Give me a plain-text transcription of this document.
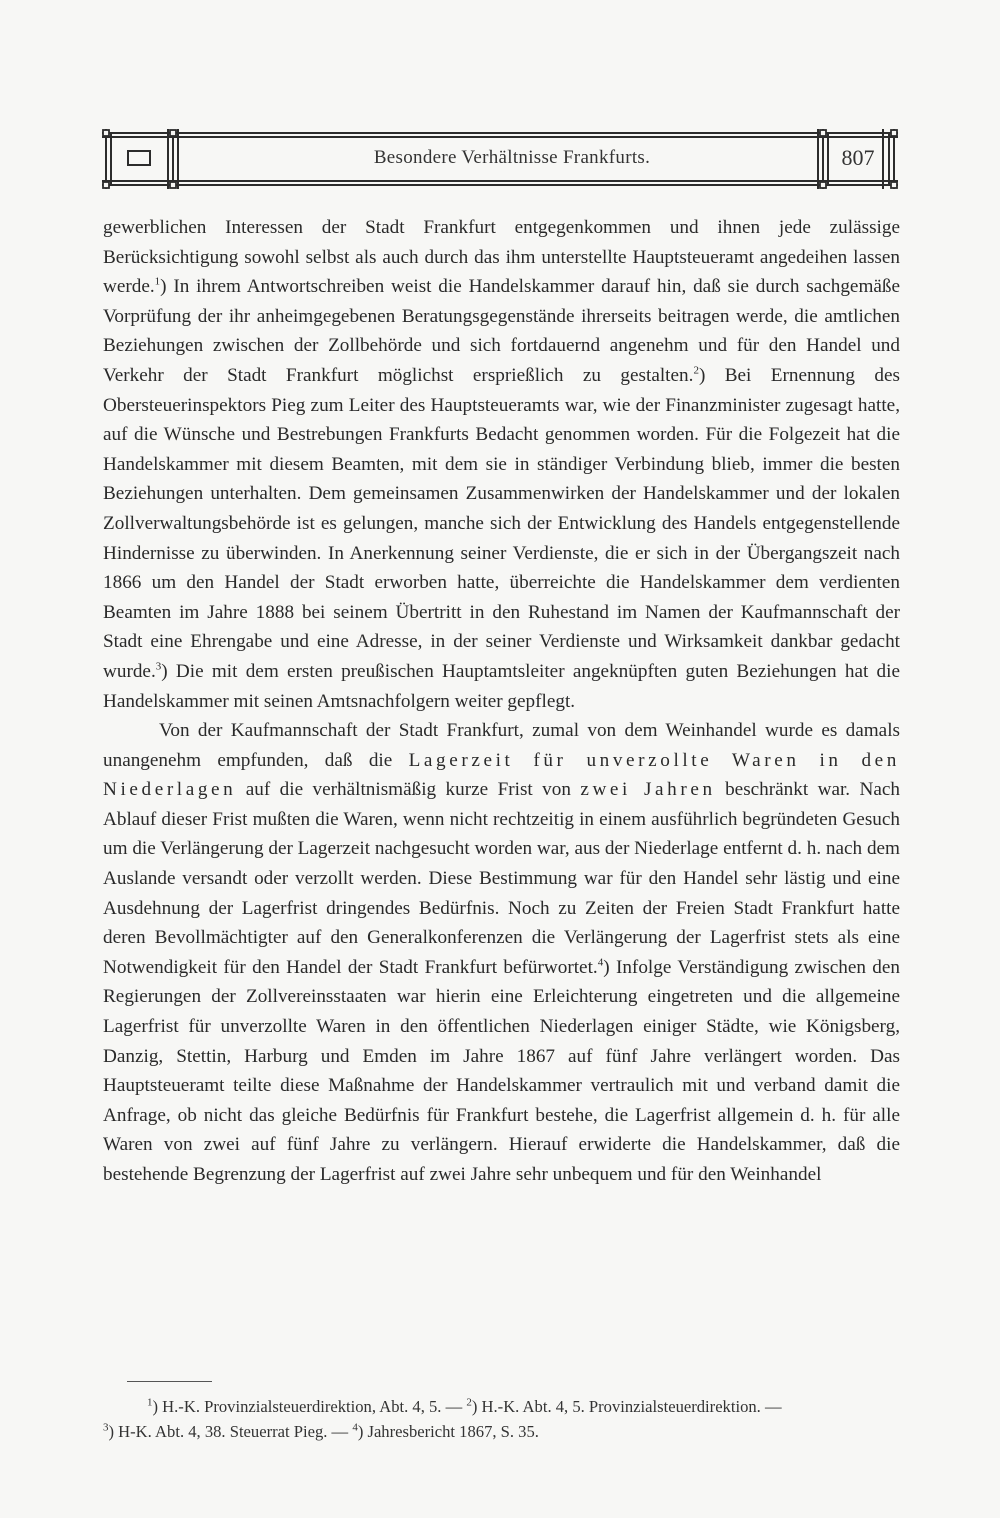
Besondere Verhältnisse Frankfurts.	807

gewerblichen Interessen der Stadt Frankfurt entgegenkommen und ihnen jede zulässige Berücksichtigung sowohl selbst als auch durch das ihm unterstellte Hauptsteueramt angedeihen lassen werde.$^1$) In ihrem Antwortschreiben weist die Handelskammer darauf hin, daß sie durch sachgemäße Vorprüfung der ihr anheimgegebenen Beratungsgegenstände ihrerseits beitragen werde, die amtlichen Beziehungen zwischen der Zollbehörde und sich fortdauernd angenehm und für den Handel und Verkehr der Stadt Frankfurt möglichst ersprießlich zu gestalten.$^2$) Bei Ernennung des Obersteuerinspektors Pieg zum Leiter des Hauptsteueramts war, wie der Finanzminister zugesagt hatte, auf die Wünsche und Bestrebungen Frankfurts Bedacht genommen worden. Für die Folgezeit hat die Handelskammer mit diesem Beamten, mit dem sie in ständiger Verbindung blieb, immer die besten Beziehungen unterhalten. Dem gemeinsamen Zusammenwirken der Handelskammer und der lokalen Zollverwaltungsbehörde ist es gelungen, manche sich der Entwicklung des Handels entgegenstellende Hindernisse zu überwinden. In Anerkennung seiner Verdienste, die er sich in der Übergangszeit nach 1866 um den Handel der Stadt erworben hatte, überreichte die Handelskammer dem verdienten Beamten im Jahre 1888 bei seinem Übertritt in den Ruhestand im Namen der Kaufmannschaft der Stadt eine Ehrengabe und eine Adresse, in der seiner Verdienste und Wirksamkeit dankbar gedacht wurde.$^3$) Die mit dem ersten preußischen Hauptamtsleiter angeknüpften guten Beziehungen hat die Handelskammer mit seinen Amtsnachfolgern weiter gepflegt.

Von der Kaufmannschaft der Stadt Frankfurt, zumal von dem Weinhandel wurde es damals unangenehm empfunden, daß die Lagerzeit für unverzollte Waren in den Niederlagen auf die verhältnismäßig kurze Frist von zwei Jahren beschränkt war. Nach Ablauf dieser Frist mußten die Waren, wenn nicht rechtzeitig in einem ausführlich begründeten Gesuch um die Verlängerung der Lagerzeit nachgesucht worden war, aus der Niederlage entfernt d. h. nach dem Auslande versandt oder verzollt werden. Diese Bestimmung war für den Handel sehr lästig und eine Ausdehnung der Lagerfrist dringendes Bedürfnis. Noch zu Zeiten der Freien Stadt Frankfurt hatte deren Bevollmächtigter auf den Generalkonferenzen die Verlängerung der Lagerfrist stets als eine Notwendigkeit für den Handel der Stadt Frankfurt befürwortet.$^4$) Infolge Verständigung zwischen den Regierungen der Zollvereinsstaaten war hierin eine Erleichterung eingetreten und die allgemeine Lagerfrist für unverzollte Waren in den öffentlichen Niederlagen einiger Städte, wie Königsberg, Danzig, Stettin, Harburg und Emden im Jahre 1867 auf fünf Jahre verlängert worden. Das Hauptsteueramt teilte diese Maßnahme der Handelskammer vertraulich mit und verband damit die Anfrage, ob nicht das gleiche Bedürfnis für Frankfurt bestehe, die Lagerfrist allgemein d. h. für alle Waren von zwei auf fünf Jahre zu verlängern. Hierauf erwiderte die Handelskammer, daß die bestehende Begrenzung der Lagerfrist auf zwei Jahre sehr unbequem und für den Weinhandel

$^1$) H.-K. Provinzialsteuerdirektion, Abt. 4, 5. — $^2$) H.-K. Abt. 4, 5. Provinzialsteuerdirektion. —

$^3$) H-K. Abt. 4, 38. Steuerrat Pieg. — $^4$) Jahresbericht 1867, S. 35.
